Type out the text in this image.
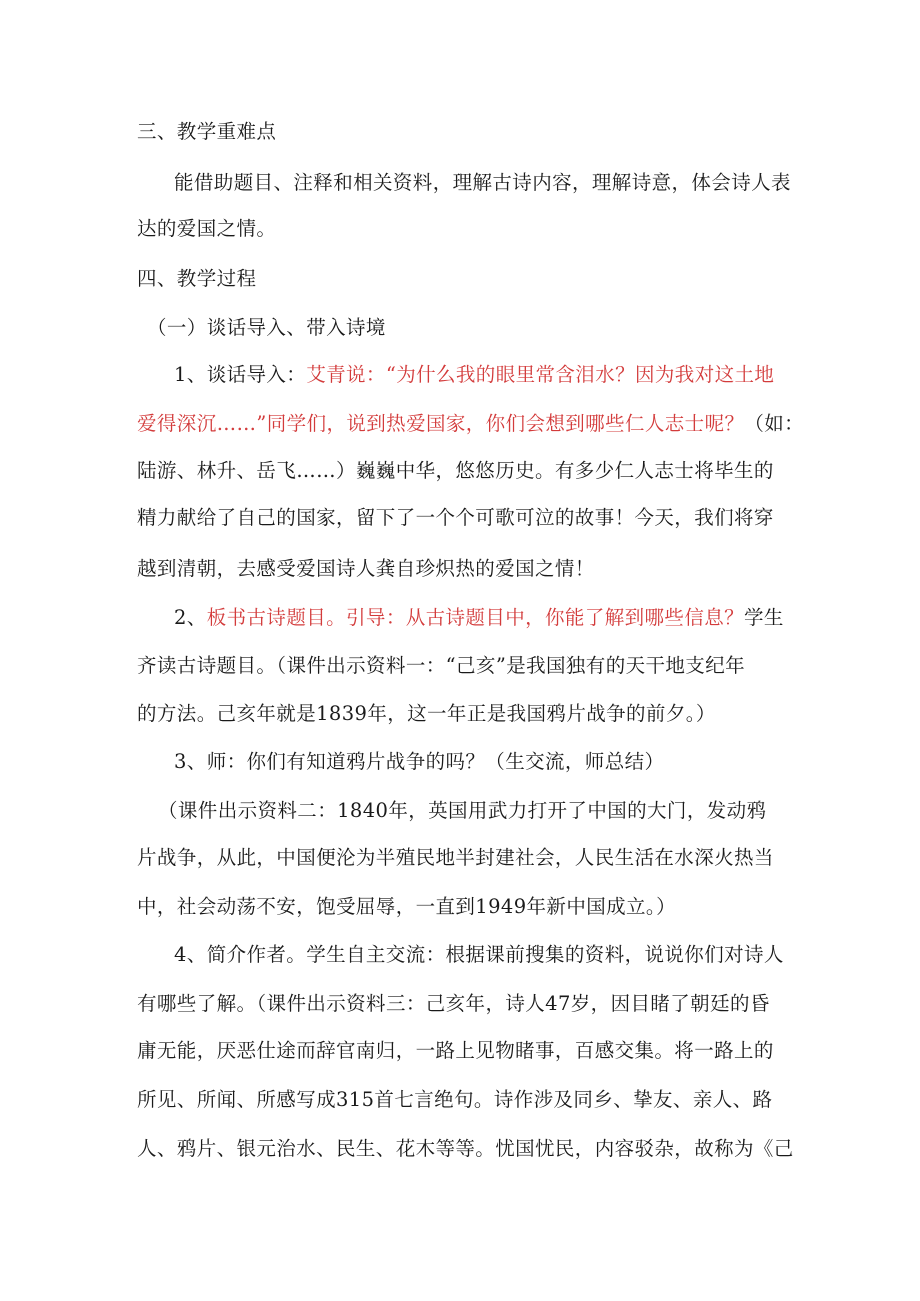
三、教学重难点
能借助题目、注释和相关资料，理解古诗内容，理解诗意，体会诗人表
达的爱国之情。
四、教学过程
（一）谈话导入、带入诗境
1、谈话导入：艾青说：“为什么我的眼里常含泪水？因为我对这土地
爱得深沉……”同学们，说到热爱国家，你们会想到哪些仁人志士呢？（如：
陆游、林升、岳飞……）巍巍中华，悠悠历史。有多少仁人志士将毕生的
精力献给了自己的国家，留下了一个个可歌可泣的故事！今天，我们将穿
越到清朝，去感受爱国诗人龚自珍炽热的爱国之情！
2、板书古诗题目。引导：从古诗题目中，你能了解到哪些信息？学生
齐读古诗题目。（课件出示资料一：“己亥”是我国独有的天干地支纪年
的方法。己亥年就是1839年，这一年正是我国鸦片战争的前夕。）
3、师：你们有知道鸦片战争的吗？（生交流，师总结）
（课件出示资料二：1840年，英国用武力打开了中国的大门，发动鸦
片战争，从此，中国便沦为半殖民地半封建社会，人民生活在水深火热当
中，社会动荡不安，饱受屈辱，一直到1949年新中国成立。）
4、简介作者。学生自主交流：根据课前搜集的资料，说说你们对诗人
有哪些了解。（课件出示资料三：己亥年，诗人47岁，因目睹了朝廷的昏
庸无能，厌恶仕途而辞官南归，一路上见物睹事，百感交集。将一路上的
所见、所闻、所感写成315首七言绝句。诗作涉及同乡、挚友、亲人、路
人、鸦片、银元治水、民生、花木等等。忧国忧民，内容驳杂，故称为《己
